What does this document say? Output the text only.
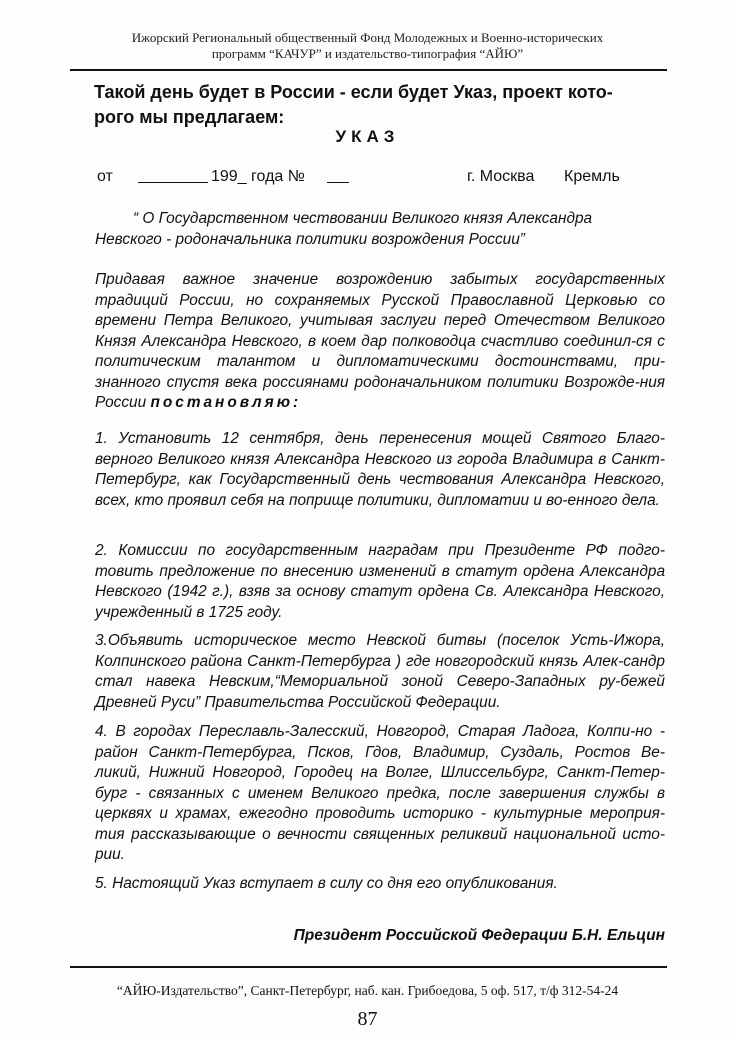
Ижорский Региональный общественный Фонд Молодежных и Военно-исторических
программ “КАЧУР” и издательство-типография “АЙЮ”
Такой день будет в России - если будет Указ, проект кото-
рого мы предлагаем:
УКАЗ
от	199_ года №	г. Москва Кремль
“ О Государственном чествовании Великого князя Александра
Невского - родоначальника политики возрождения России”
Придавая важное значение возрождению забытых государственных традиций России, но сохраняемых Русской Православной Церковью со времени Петра Великого, учитывая заслуги перед Отечеством Великого Князя Александра Невского, в коем дар полководца счастливо соединил-ся с политическим талантом и дипломатическими достоинствами, при-знанного спустя века россиянами родоначальником политики Возрожде-ния России постановляю:
1. Установить 12 сентября, день перенесения мощей Святого Благо-верного Великого князя Александра Невского из города Владимира в Санкт-Петербург, как Государственный день чествования Александра Невского, всех, кто проявил себя на поприще политики, дипломатии и во-енного дела.
2. Комиссии по государственным наградам при Президенте РФ подго-товить предложение по внесению изменений в статут ордена Александра Невского (1942 г.), взяв за основу статут ордена Св. Александра Невского, учрежденный в 1725 году.
3.Объявить историческое место Невской битвы (поселок Усть-Ижора, Колпинского района Санкт-Петербурга ) где новгородский князь Алек-сандр стал навека Невским,“Мемориальной зоной Северо-Западных ру-бежей Древней Руси” Правительства Российской Федерации.
4. В городах Переславль-Залесский, Новгород, Старая Ладога, Колпи-но - район Санкт-Петербурга, Псков, Гдов, Владимир, Суздаль, Ростов Ве-ликий, Нижний Новгород, Городец на Волге, Шлиссельбург, Санкт-Петер-бург - связанных с именем Великого предка, после завершения службы в церквях и храмах, ежегодно проводить историко - культурные мероприя-тия рассказывающие о вечности священных реликвий национальной исто-рии.
5. Настоящий Указ вступает в силу со дня его опубликования.
Президент Российской Федерации Б.Н. Ельцин
“АЙЮ-Издательство”, Санкт-Петербург, наб. кан. Грибоедова, 5 оф. 517, т/ф 312-54-24
87
